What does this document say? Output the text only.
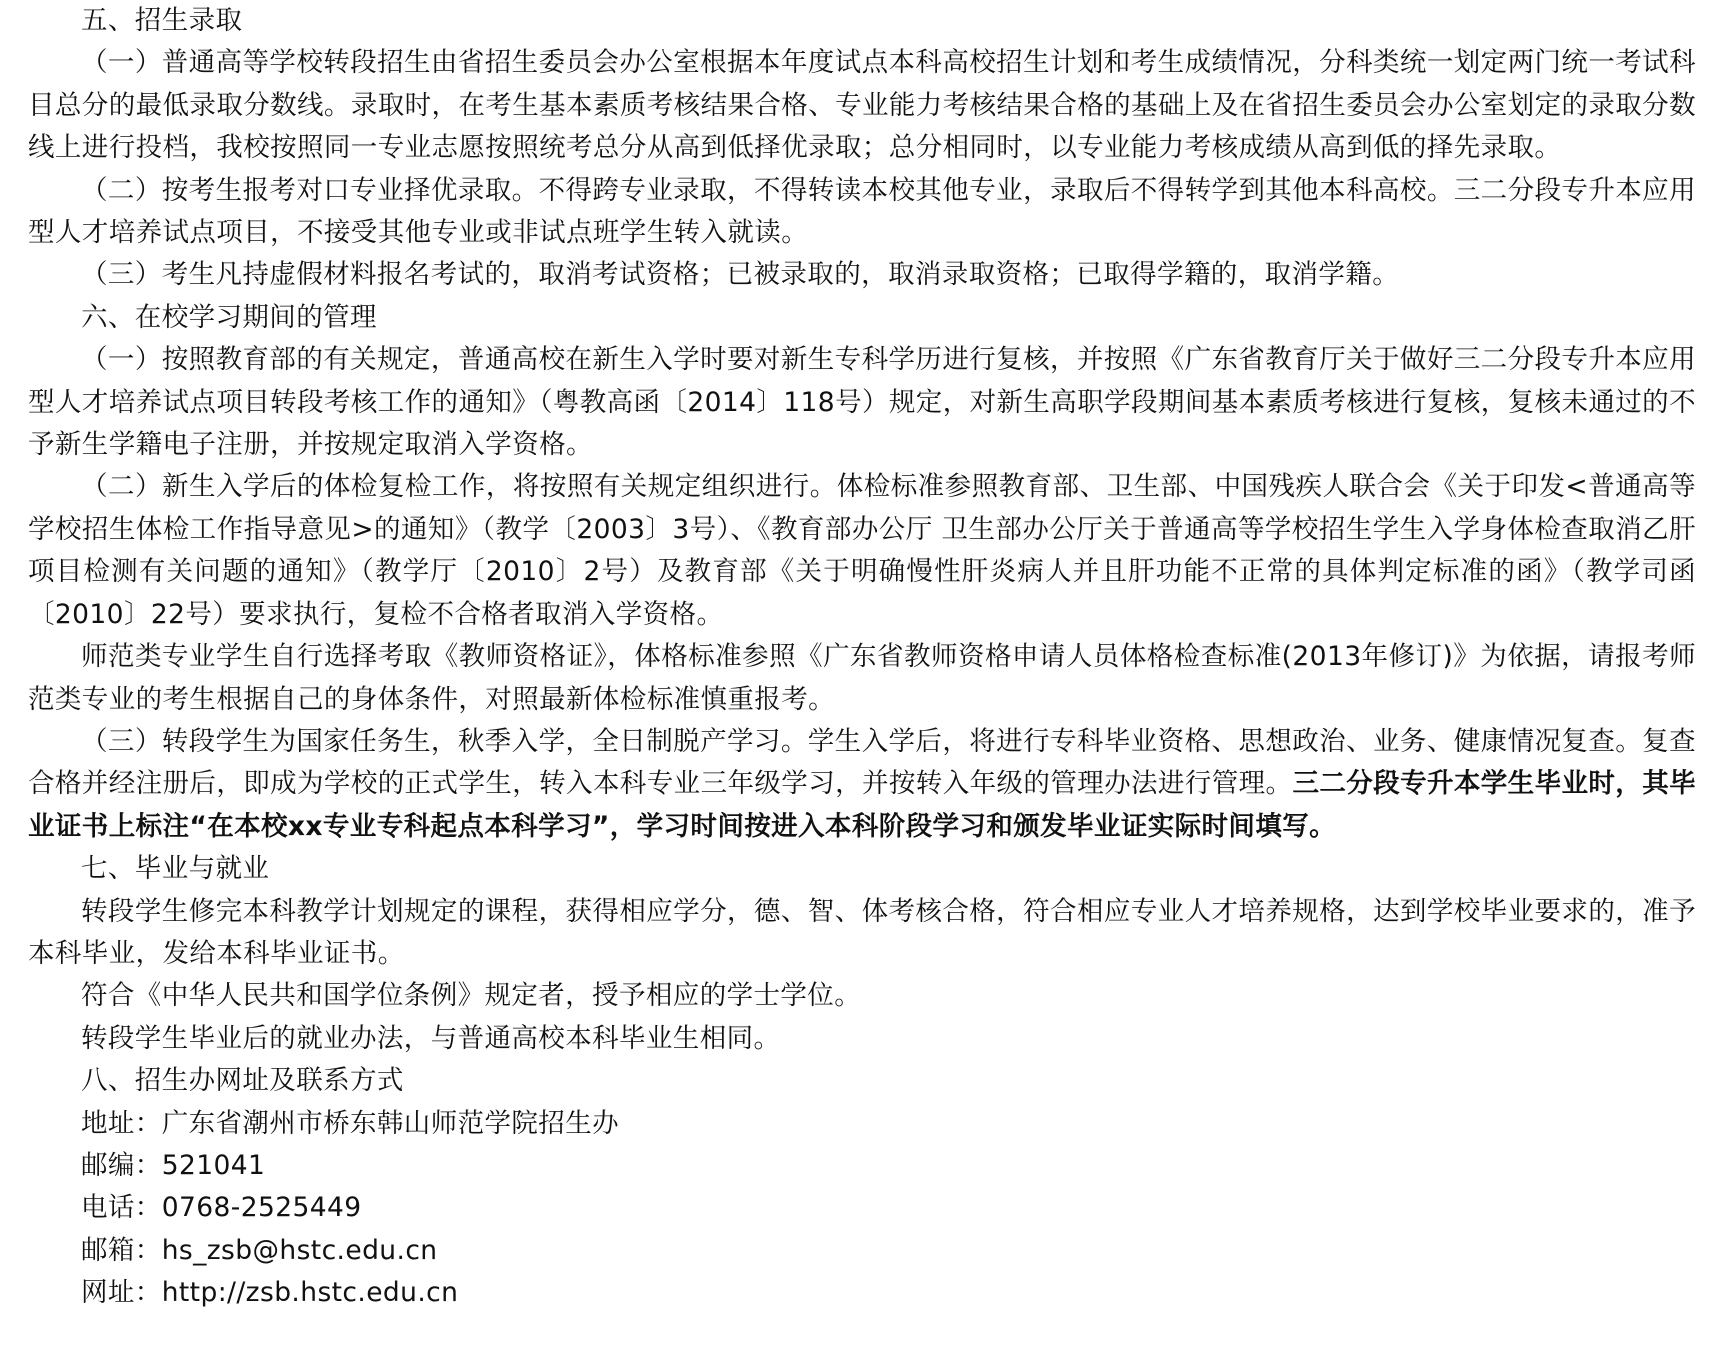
五、招生录取

（一）普通高等学校转段招生由省招生委员会办公室根据本年度试点本科高校招生计划和考生成绩情况，分科类统一划定两门统一考试科目总分的最低录取分数线。录取时，在考生基本素质考核结果合格、专业能力考核结果合格的基础上及在省招生委员会办公室划定的录取分数线上进行投档，我校按照同一专业志愿按照统考总分从高到低择优录取；总分相同时，以专业能力考核成绩从高到低的择先录取。

（二）按考生报考对口专业择优录取。不得跨专业录取，不得转读本校其他专业，录取后不得转学到其他本科高校。三二分段专升本应用型人才培养试点项目，不接受其他专业或非试点班学生转入就读。

（三）考生凡持虚假材料报名考试的，取消考试资格；已被录取的，取消录取资格；已取得学籍的，取消学籍。

六、在校学习期间的管理

（一）按照教育部的有关规定，普通高校在新生入学时要对新生专科学历进行复核，并按照《广东省教育厅关于做好三二分段专升本应用型人才培养试点项目转段考核工作的通知》（粤教高函〔2014〕118号）规定，对新生高职学段期间基本素质考核进行复核，复核未通过的不予新生学籍电子注册，并按规定取消入学资格。

（二）新生入学后的体检复检工作，将按照有关规定组织进行。体检标准参照教育部、卫生部、中国残疾人联合会《关于印发<普通高等学校招生体检工作指导意见>的通知》（教学〔2003〕3号）、《教育部办公厅 卫生部办公厅关于普通高等学校招生学生入学身体检查取消乙肝项目检测有关问题的通知》（教学厅〔2010〕2号）及教育部《关于明确慢性肝炎病人并且肝功能不正常的具体判定标准的函》（教学司函〔2010〕22号）要求执行，复检不合格者取消入学资格。

师范类专业学生自行选择考取《教师资格证》，体格标准参照《广东省教师资格申请人员体格检查标准(2013年修订)》为依据，请报考师范类专业的考生根据自己的身体条件，对照最新体检标准慎重报考。

（三）转段学生为国家任务生，秋季入学，全日制脱产学习。学生入学后，将进行专科毕业资格、思想政治、业务、健康情况复查。复查合格并经注册后，即成为学校的正式学生，转入本科专业三年级学习，并按转入年级的管理办法进行管理。三二分段专升本学生毕业时，其毕业证书上标注“在本校xx专业专科起点本科学习”，学习时间按进入本科阶段学习和颁发毕业证实际时间填写。

七、毕业与就业

转段学生修完本科教学计划规定的课程，获得相应学分，德、智、体考核合格，符合相应专业人才培养规格，达到学校毕业要求的，准予本科毕业，发给本科毕业证书。

符合《中华人民共和国学位条例》规定者，授予相应的学士学位。

转段学生毕业后的就业办法，与普通高校本科毕业生相同。

八、招生办网址及联系方式

地址：广东省潮州市桥东韩山师范学院招生办

邮编：521041

电话：0768-2525449

邮箱：hs_zsb@hstc.edu.cn

网址：http://zsb.hstc.edu.cn
